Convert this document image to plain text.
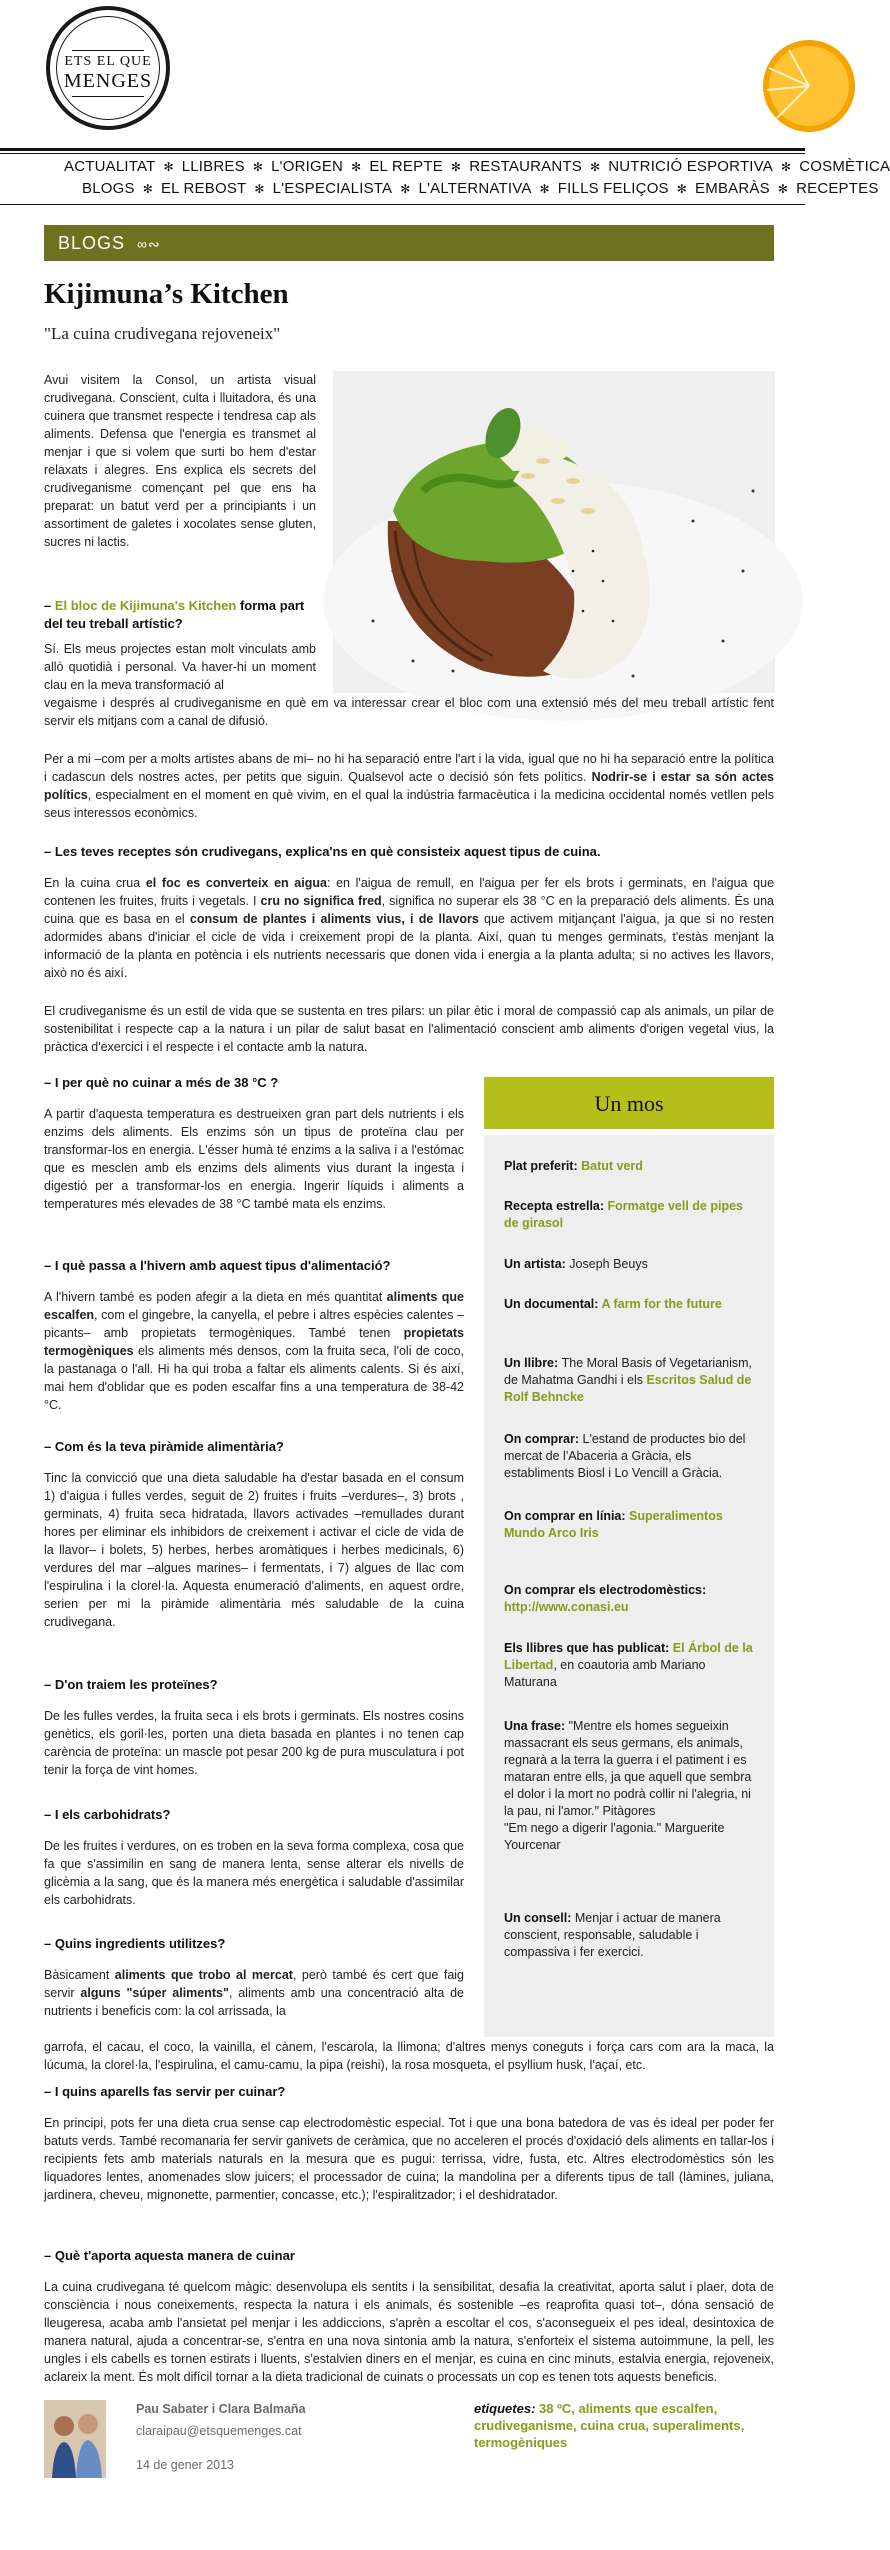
ETS EL QUE
MENGES
ACTUALITAT ✻ LLIBRES ✻ L'ORIGEN ✻ EL REPTE ✻ RESTAURANTS ✻ NUTRICIÓ ESPORTIVA ✻ COSMÈTICA
BLOGS ✻ EL REBOST ✻ L'ESPECIALISTA ✻ L'ALTERNATIVA ✻ FILLS FELIÇOS ✻ EMBARÀS ✻ RECEPTES
BLOGS ∞∾
Kijimuna’s Kitchen
"La cuina crudivegana rejoveneix"

Avui visitem la Consol, un artista visual crudivegana. Conscient, culta i lluitadora, és una cuinera que transmet respecte i tendresa cap als aliments. Defensa que l'energia es transmet al menjar i que si volem que surti bo hem d'estar relaxats i alegres. Ens explica els secrets del crudiveganisme començant pel que ens ha preparat: un batut verd per a principiants i un assortiment de galetes i xocolates sense gluten, sucres ni lactis.

– El bloc de Kijimuna's Kitchen forma part del teu treball artístic?

Sí. Els meus projectes estan molt vinculats amb allò quotidià i personal. Va haver-hi un moment clau en la meva transformació al

vegaisme i després al crudiveganisme en què em va interessar crear el bloc com una extensió més del meu treball artístic fent servir els mitjans com a canal de difusió.

Per a mi –com per a molts artistes abans de mi– no hi ha separació entre l'art i la vida, igual que no hi ha separació entre la política i cadascun dels nostres actes, per petits que siguin. Qualsevol acte o decisió són fets polítics. Nodrir-se i estar sa són actes polítics, especialment en el moment en què vivim, en el qual la indústria farmacèutica i la medicina occidental només vetllen pels seus interessos econòmics.

– Les teves receptes són crudivegans, explica'ns en què consisteix aquest tipus de cuina.

En la cuina crua el foc es converteix en aigua: en l'aigua de remull, en l'aigua per fer els brots i germinats, en l'aigua que contenen les fruites, fruits i vegetals. I cru no significa fred, significa no superar els 38 °C en la preparació dels aliments. És una cuina que es basa en el consum de plantes i aliments vius, i de llavors que activem mitjançant l'aigua, ja que si no resten adormides abans d'iniciar el cicle de vida i creixement propi de la planta. Així, quan tu menges germinats, t'estàs menjant la informació de la planta en potència i els nutrients necessaris que donen vida i energia a la planta adulta; si no actives les llavors, això no és així.

El crudiveganisme és un estil de vida que se sustenta en tres pilars: un pilar ètic i moral de compassió cap als animals, un pilar de sostenibilitat i respecte cap a la natura i un pilar de salut basat en l'alimentació conscient amb aliments d'origen vegetal vius, la pràctica d'exercici i el respecte i el contacte amb la natura.

– I per què no cuinar a més de 38 °C ?

A partir d'aquesta temperatura es destrueixen gran part dels nutrients i els enzims dels aliments. Els enzims són un tipus de proteïna clau per transformar-los en energia. L'ésser humà té enzims a la saliva i a l'estómac que es mesclen amb els enzims dels aliments vius durant la ingesta i digestió per a transformar-los en energia. Ingerir líquids i aliments a temperatures més elevades de 38 °C també mata els enzims.

– I què passa a l'hivern amb aquest tipus d'alimentació?

A l'hivern també es poden afegir a la dieta en més quantitat aliments que escalfen, com el gingebre, la canyella, el pebre i altres espècies calentes –picants– amb propietats termogèniques. També tenen propietats termogèniques els aliments més densos, com la fruita seca, l'oli de coco, la pastanaga o l'all. Hi ha qui troba a faltar els aliments calents. Si és així, mai hem d'oblidar que es poden escalfar fins a una temperatura de 38-42 °C.

– Com és la teva piràmide alimentària?

Tinc la convicció que una dieta saludable ha d'estar basada en el consum 1) d'aigua i fulles verdes, seguit de 2) fruites i fruits –verdures–, 3) brots , germinats, 4) fruita seca hidratada, llavors activades –remullades durant hores per eliminar els inhibidors de creixement i activar el cicle de vida de la llavor– i bolets, 5) herbes, herbes aromàtiques i herbes medicinals, 6) verdures del mar –algues marines– i fermentats, i 7) algues de llac com l'espirulina i la clorel·la. Aquesta enumeració d'aliments, en aquest ordre, serien per mi la piràmide alimentària més saludable de la cuina crudivegana.

– D'on traiem les proteïnes?

De les fulles verdes, la fruita seca i els brots i germinats. Els nostres cosins genètics, els goril·les, porten una dieta basada en plantes i no tenen cap carència de proteïna: un mascle pot pesar 200 kg de pura musculatura i pot tenir la força de vint homes.

– I els carbohidrats?

De les fruites i verdures, on es troben en la seva forma complexa, cosa que fa que s'assimilin en sang de manera lenta, sense alterar els nivells de glicèmia a la sang, que és la manera més energètica i saludable d'assimilar els carbohidrats.

– Quins ingredients utilitzes?

Bàsicament aliments que trobo al mercat, però també és cert que faig servir alguns "súper aliments", aliments amb una concentració alta de nutrients i beneficis com: la col arrissada, la

garrofa, el cacau, el coco, la vainilla, el cànem, l'escarola, la llimona; d'altres menys coneguts i força cars com ara la maca, la lúcuma, la clorel·la, l'espirulina, el camu-camu, la pipa (reishi), la rosa mosqueta, el psyllium husk, l'açaí, etc.

– I quins aparells fas servir per cuinar?

En principi, pots fer una dieta crua sense cap electrodomèstic especial. Tot i que una bona batedora de vas és ideal per poder fer batuts verds. També recomanaria fer servir ganivets de ceràmica, que no acceleren el procés d'oxidació dels aliments en tallar-los i recipients fets amb materials naturals en la mesura que es pugui: terrissa, vidre, fusta, etc. Altres electrodomèstics són les liquadores lentes, anomenades slow juicers; el processador de cuina; la mandolina per a diferents tipus de tall (làmines, juliana, jardinera, cheveu, mignonette, parmentier, concasse, etc.); l'espiralitzador; i el deshidratador.

– Què t'aporta aquesta manera de cuinar

La cuina crudivegana té quelcom màgic: desenvolupa els sentits i la sensibilitat, desafia la creativitat, aporta salut i plaer, dota de consciència i nous coneixements, respecta la natura i els animals, és sostenible –es reaprofita quasi tot–, dóna sensació de lleugeresa, acaba amb l'ansietat pel menjar i les addiccions, s'aprèn a escoltar el cos, s'aconsegueix el pes ideal, desintoxica de manera natural, ajuda a concentrar-se, s'entra en una nova sintonia amb la natura, s'enforteix el sistema autoimmune, la pell, les ungles i els cabells es tornen estirats i lluents, s'estalvien diners en el menjar, es cuina en cinc minuts, estalvia energia, rejoveneix, aclareix la ment. És molt difícil tornar a la dieta tradicional de cuinats o processats un cop es tenen tots aquests beneficis.

Un mos

Plat preferit: Batut verd

Recepta estrella: Formatge vell de pipes de girasol

Un artista: Joseph Beuys

Un documental: A farm for the future

Un llibre: The Moral Basis of Vegetarianism, de Mahatma Gandhi i els Escritos Salud de Rolf Behncke

On comprar: L'estand de productes bio del mercat de l'Abaceria a Gràcia, els establiments Biosl i Lo Vencill a Gràcia.

On comprar en línia: Superalimentos Mundo Arco Iris

On comprar els electrodomèstics: http://www.conasi.eu

Els llibres que has publicat: El Árbol de la Libertad, en coautoria amb Mariano Maturana

Una frase: "Mentre els homes segueixin massacrant els seus germans, els animals, regnarà a la terra la guerra i el patiment i es mataran entre ells, ja que aquell que sembra el dolor i la mort no podrà collir ni l'alegria, ni la pau, ni l'amor." Pitàgores
"Em nego a digerir l'agonia." Marguerite Yourcenar

Un consell: Menjar i actuar de manera conscient, responsable, saludable i compassiva i fer exercici.

Pau Sabater i Clara Balmaña
claraipau@etsquemenges.cat
14 de gener 2013
etiquetes: 38 ºC, aliments que escalfen, crudiveganisme, cuina crua, superaliments, termogèniques
